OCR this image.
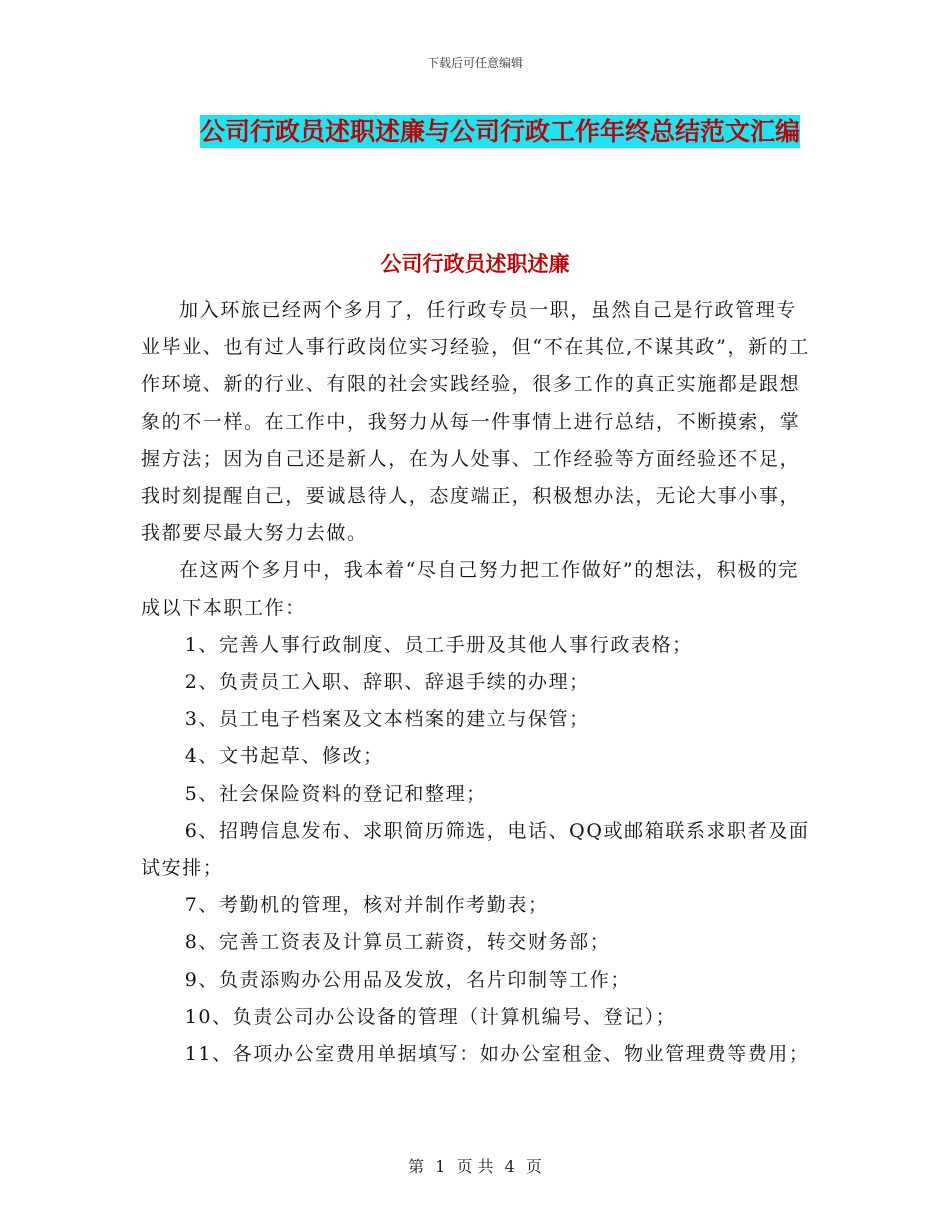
下载后可任意编辑
公司行政员述职述廉与公司行政工作年终总结范文汇编
公司行政员述职述廉

加入环旅已经两个多月了，任行政专员一职，虽然自己是行政管理专业毕业、也有过人事行政岗位实习经验，但“不在其位,不谋其政”，新的工作环境、新的行业、有限的社会实践经验，很多工作的真正实施都是跟想象的不一样。在工作中，我努力从每一件事情上进行总结，不断摸索，掌握方法；因为自己还是新人，在为人处事、工作经验等方面经验还不足，我时刻提醒自己，要诚恳待人，态度端正，积极想办法，无论大事小事，我都要尽最大努力去做。

在这两个多月中，我本着“尽自己努力把工作做好”的想法，积极的完成以下本职工作：

1、完善人事行政制度、员工手册及其他人事行政表格；

2、负责员工入职、辞职、辞退手续的办理；

3、员工电子档案及文本档案的建立与保管；

4、文书起草、修改；

5、社会保险资料的登记和整理；

6、招聘信息发布、求职简历筛选，电话、QQ或邮箱联系求职者及面试安排；

7、考勤机的管理，核对并制作考勤表；

8、完善工资表及计算员工薪资，转交财务部；

9、负责添购办公用品及发放，名片印制等工作；

10、负责公司办公设备的管理（计算机编号、登记）；

11、各项办公室费用单据填写：如办公室租金、物业管理费等费用；

第 1 页 共 4 页
